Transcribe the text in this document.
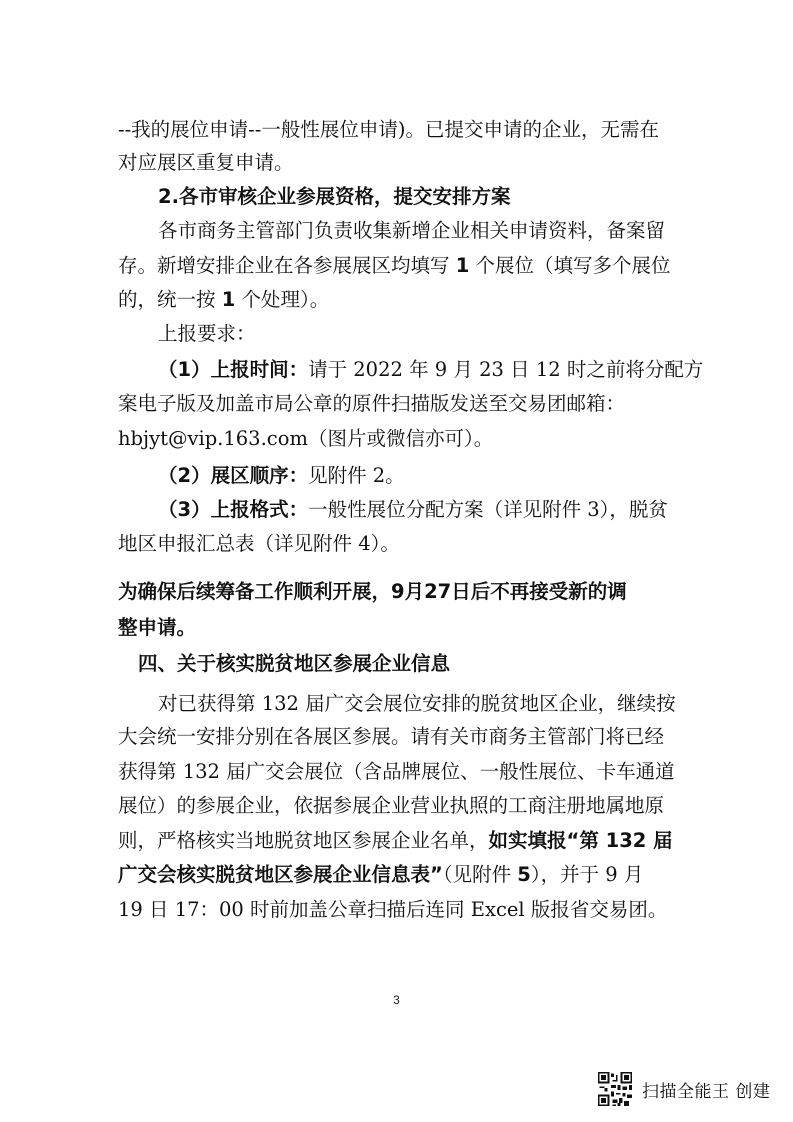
--我的展位申请--一般性展位申请)。已提交申请的企业，无需在
对应展区重复申请。
2.各市审核企业参展资格，提交安排方案
各市商务主管部门负责收集新增企业相关申请资料，备案留
存。新增安排企业在各参展展区均填写 1 个展位（填写多个展位
的，统一按 1 个处理）。
上报要求：
（1）上报时间：请于 2022 年 9 月 23 日 12 时之前将分配方
案电子版及加盖市局公章的原件扫描版发送至交易团邮箱：
hbjyt@vip.163.com（图片或微信亦可）。
（2）展区顺序：见附件 2。
（3）上报格式：一般性展位分配方案（详见附件 3），脱贫
地区申报汇总表（详见附件 4）。
为确保后续筹备工作顺利开展，9月27日后不再接受新的调
整申请。
四、关于核实脱贫地区参展企业信息
对已获得第 132 届广交会展位安排的脱贫地区企业，继续按
大会统一安排分别在各展区参展。请有关市商务主管部门将已经
获得第 132 届广交会展位（含品牌展位、一般性展位、卡车通道
展位）的参展企业，依据参展企业营业执照的工商注册地属地原
则，严格核实当地脱贫地区参展企业名单，如实填报“第 132 届
广交会核实脱贫地区参展企业信息表”（见附件 5），并于 9 月
19 日 17：00 时前加盖公章扫描后连同 Excel 版报省交易团。
3
扫描全能王 创建
